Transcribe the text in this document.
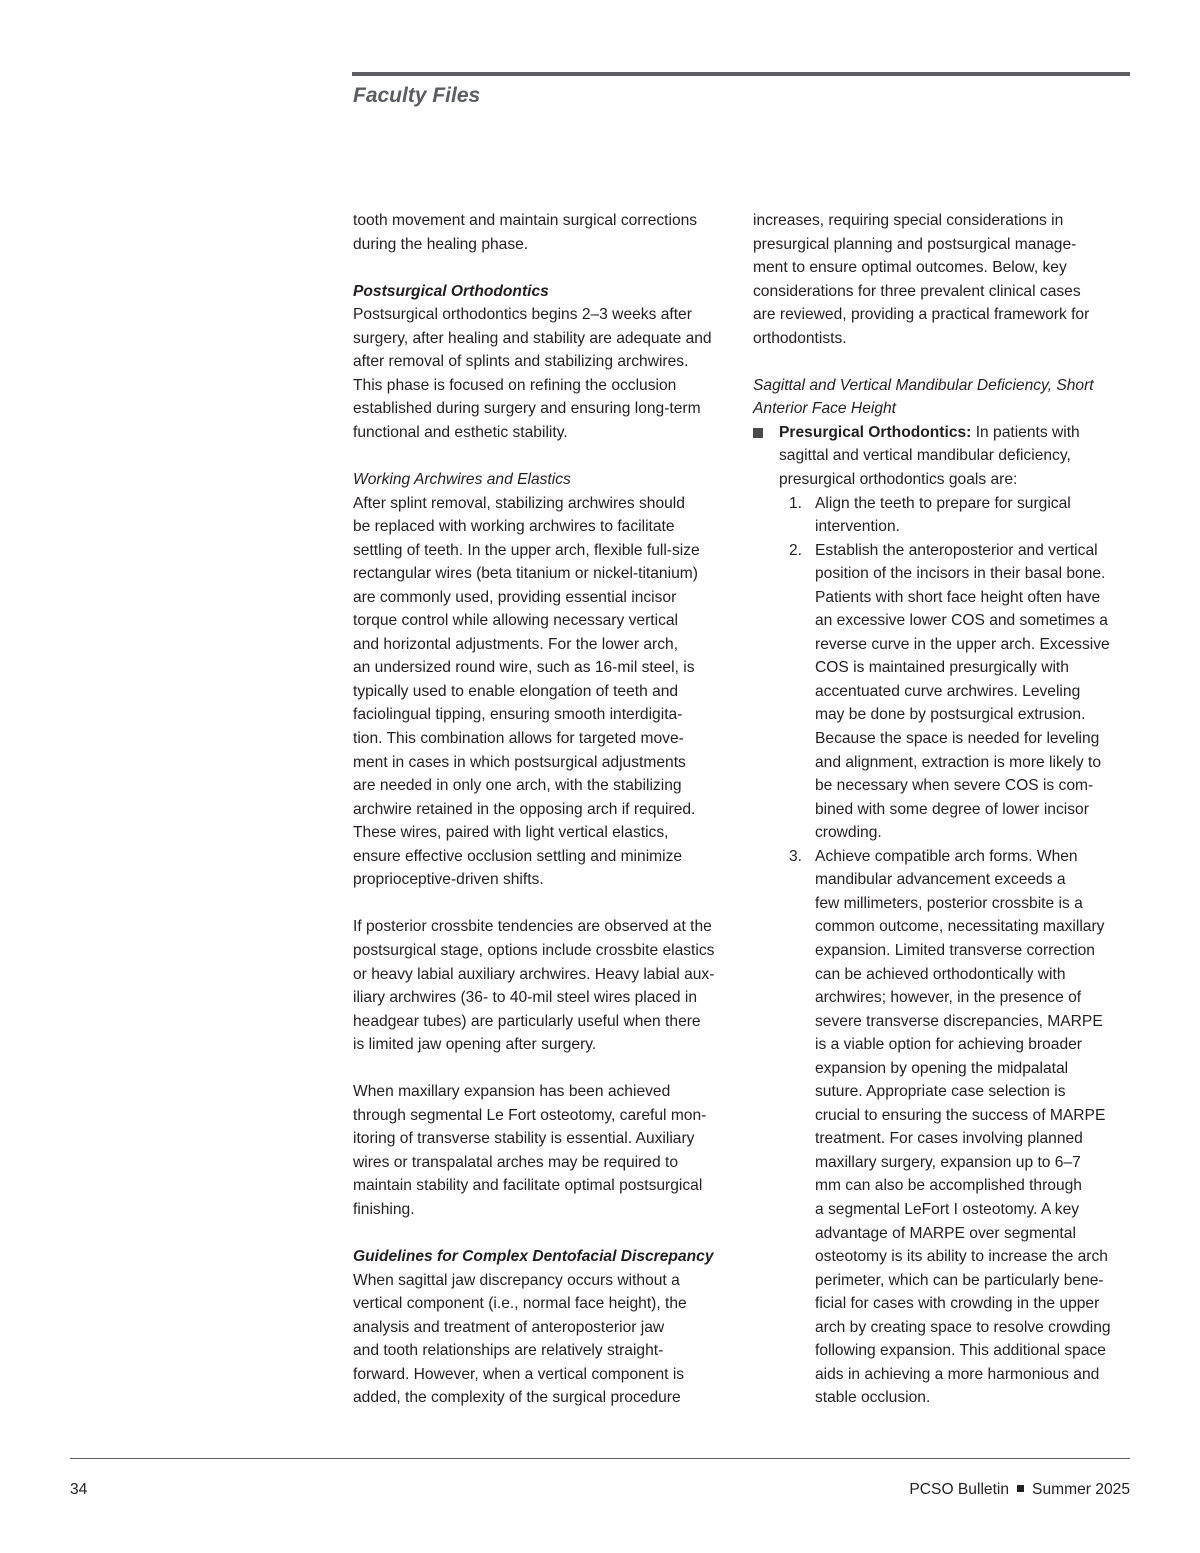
Faculty Files

tooth movement and maintain surgical corrections
during the healing phase.

Postsurgical Orthodontics
Postsurgical orthodontics begins 2–3 weeks after
surgery, after healing and stability are adequate and
after removal of splints and stabilizing archwires.
This phase is focused on refining the occlusion
established during surgery and ensuring long-term
functional and esthetic stability.

Working Archwires and Elastics
After splint removal, stabilizing archwires should
be replaced with working archwires to facilitate
settling of teeth. In the upper arch, flexible full-size
rectangular wires (beta titanium or nickel-titanium)
are commonly used, providing essential incisor
torque control while allowing necessary vertical
and horizontal adjustments. For the lower arch,
an undersized round wire, such as 16-mil steel, is
typically used to enable elongation of teeth and
faciolingual tipping, ensuring smooth interdigita-
tion. This combination allows for targeted move-
ment in cases in which postsurgical adjustments
are needed in only one arch, with the stabilizing
archwire retained in the opposing arch if required.
These wires, paired with light vertical elastics,
ensure effective occlusion settling and minimize
proprioceptive-driven shifts.

If posterior crossbite tendencies are observed at the
postsurgical stage, options include crossbite elastics
or heavy labial auxiliary archwires. Heavy labial aux-
iliary archwires (36- to 40-mil steel wires placed in
headgear tubes) are particularly useful when there
is limited jaw opening after surgery.

When maxillary expansion has been achieved
through segmental Le Fort osteotomy, careful mon-
itoring of transverse stability is essential. Auxiliary
wires or transpalatal arches may be required to
maintain stability and facilitate optimal postsurgical
finishing.

Guidelines for Complex Dentofacial Discrepancy
When sagittal jaw discrepancy occurs without a
vertical component (i.e., normal face height), the
analysis and treatment of anteroposterior jaw
and tooth relationships are relatively straight-
forward. However, when a vertical component is
added, the complexity of the surgical procedure

increases, requiring special considerations in
presurgical planning and postsurgical manage-
ment to ensure optimal outcomes. Below, key
considerations for three prevalent clinical cases
are reviewed, providing a practical framework for
orthodontists.

Sagittal and Vertical Mandibular Deficiency, Short
Anterior Face Height

Presurgical Orthodontics: In patients with
sagittal and vertical mandibular deficiency,
presurgical orthodontics goals are:
1. Align the teeth to prepare for surgical
intervention.
2. Establish the anteroposterior and vertical
position of the incisors in their basal bone.
Patients with short face height often have
an excessive lower COS and sometimes a
reverse curve in the upper arch. Excessive
COS is maintained presurgically with
accentuated curve archwires. Leveling
may be done by postsurgical extrusion.
Because the space is needed for leveling
and alignment, extraction is more likely to
be necessary when severe COS is com-
bined with some degree of lower incisor
crowding.
3. Achieve compatible arch forms. When
mandibular advancement exceeds a
few millimeters, posterior crossbite is a
common outcome, necessitating maxillary
expansion. Limited transverse correction
can be achieved orthodontically with
archwires; however, in the presence of
severe transverse discrepancies, MARPE
is a viable option for achieving broader
expansion by opening the midpalatal
suture. Appropriate case selection is
crucial to ensuring the success of MARPE
treatment. For cases involving planned
maxillary surgery, expansion up to 6–7
mm can also be accomplished through
a segmental LeFort I osteotomy. A key
advantage of MARPE over segmental
osteotomy is its ability to increase the arch
perimeter, which can be particularly bene-
ficial for cases with crowding in the upper
arch by creating space to resolve crowding
following expansion. This additional space
aids in achieving a more harmonious and
stable occlusion.
34	PCSO Bulletin Summer 2025
